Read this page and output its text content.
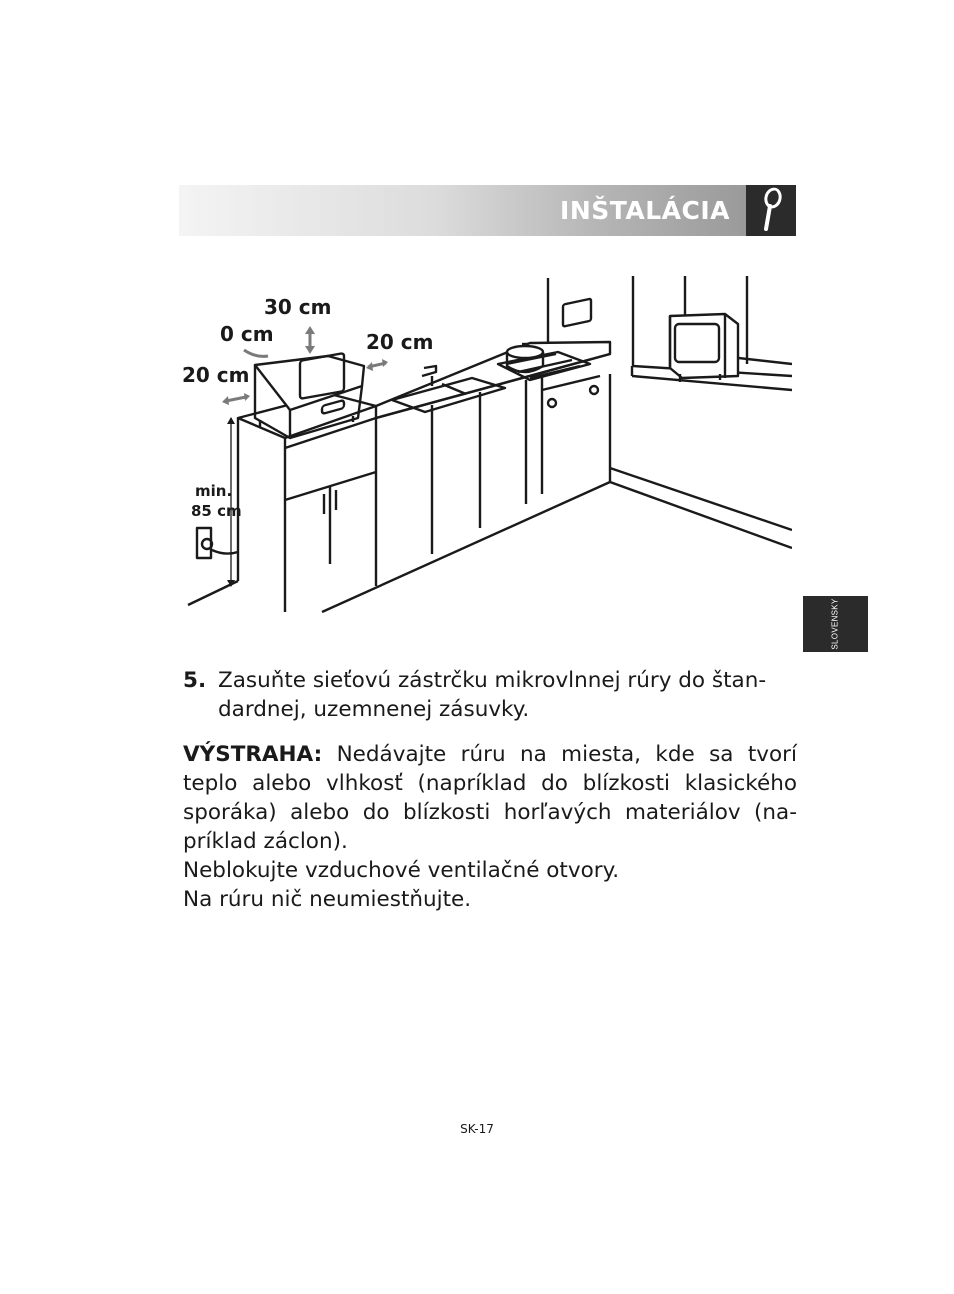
INŠTALÁCIA
30 cm
0 cm	20 cm
20 cm
min.
85 cm
SLOVENSKY
5. Zasuňte sieťovú zástrčku mikrovlnnej rúry do štan-dardnej, uzemnenej zásuvky.
VÝSTRAHA: Nedávajte rúru na miesta, kde sa tvorí teplo alebo vlhkosť (napríklad do blízkosti klasického sporáka) alebo do blízkosti horľavých materiálov (na-príklad záclon).
Neblokujte vzduchové ventilačné otvory.
Na rúru nič neumiestňujte.
SK-17
